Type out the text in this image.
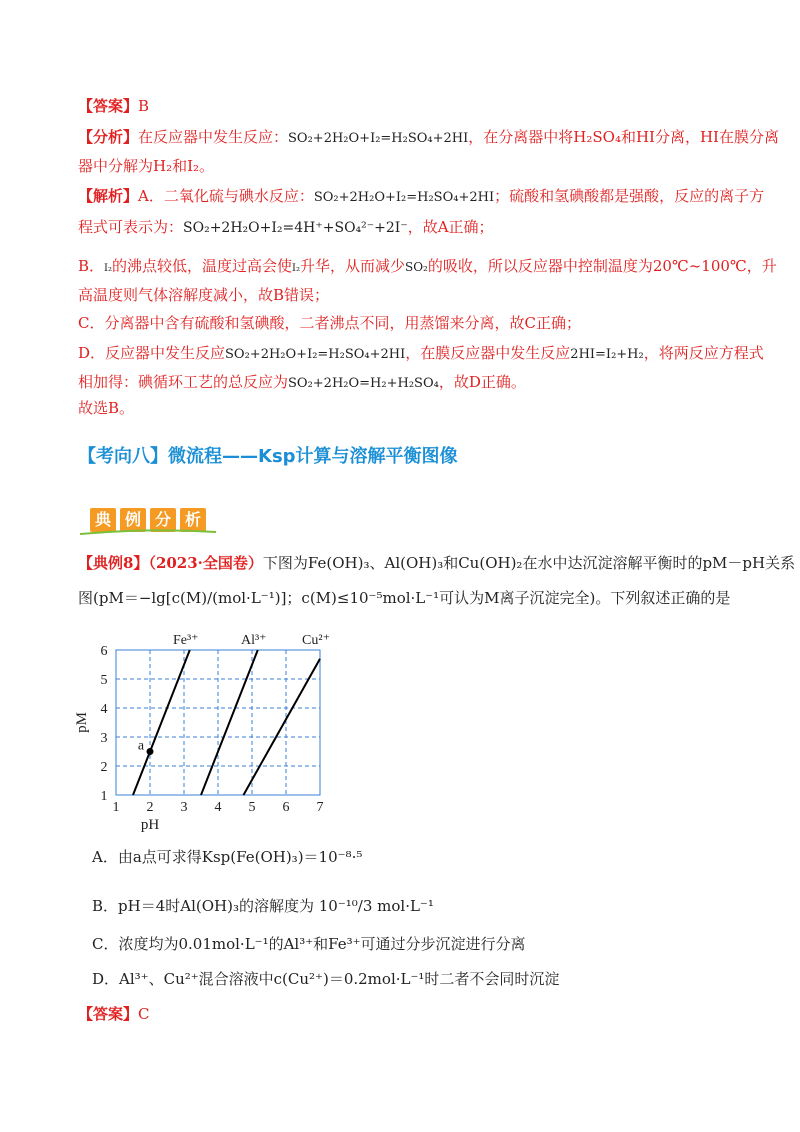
【答案】B
【分析】在反应器中发生反应：SO₂+2H₂O+I₂=H₂SO₄+2HI，在分离器中将H₂SO₄和HI分离，HI在膜分离
器中分解为H₂和I₂。
【解析】A．二氧化硫与碘水反应：SO₂+2H₂O+I₂=H₂SO₄+2HI；硫酸和氢碘酸都是强酸，反应的离子方
程式可表示为：SO₂+2H₂O+I₂=4H⁺+SO₄²⁻+2I⁻，故A正确；
B．I₂的沸点较低，温度过高会使I₂升华，从而减少SO₂的吸收，所以反应器中控制温度为20℃~100℃，升
高温度则气体溶解度减小，故B错误；
C．分离器中含有硫酸和氢碘酸，二者沸点不同，用蒸馏来分离，故C正确；
D．反应器中发生反应SO₂+2H₂O+I₂=H₂SO₄+2HI，在膜反应器中发生反应2HI=I₂+H₂，将两反应方程式
相加得：碘循环工艺的总反应为SO₂+2H₂O=H₂+H₂SO₄，故D正确。
故选B。
【考向八】微流程——Ksp计算与溶解平衡图像
典 例 分 析
【典例8】（2023·全国卷）下图为Fe(OH)₃、Al(OH)₃和Cu(OH)₂在水中达沉淀溶解平衡时的pM－pH关系
图(pM＝−lg[c(M)/(mol·L⁻¹)]；c(M)≤10⁻⁵mol·L⁻¹可认为M离子沉淀完全)。下列叙述正确的是
1 2 3 4 5 6 7
1
2
3
4
5
6
pH
pM
Fe³⁺	Al³⁺	Cu²⁺
a
A．由a点可求得Ksp(Fe(OH)₃)＝10⁻⁸·⁵
B．pH＝4时Al(OH)₃的溶解度为 10⁻¹⁰/3 mol·L⁻¹
C．浓度均为0.01mol·L⁻¹的Al³⁺和Fe³⁺可通过分步沉淀进行分离
D．Al³⁺、Cu²⁺混合溶液中c(Cu²⁺)＝0.2mol·L⁻¹时二者不会同时沉淀
【答案】C
